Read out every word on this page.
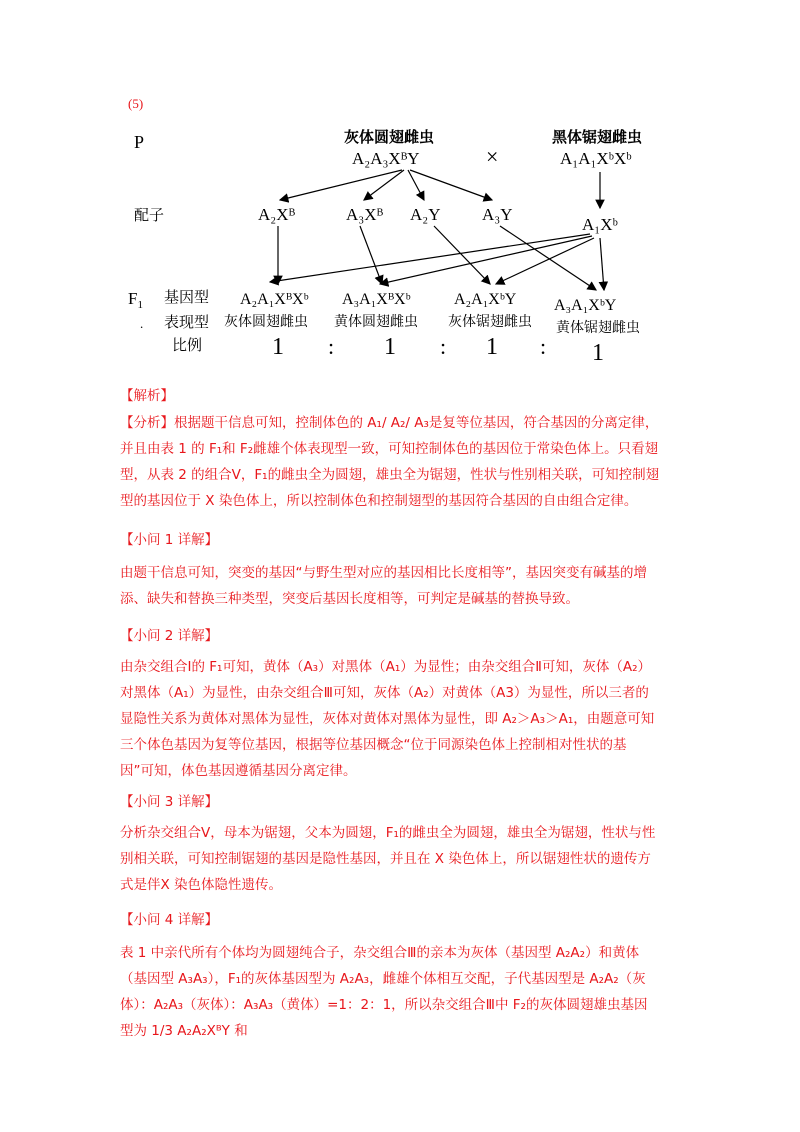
(5)
P
配子
$F_1$ 基因型
表现型
比例
.
灰体圆翅雌虫
A₂A₃XᴮY	×
黑体锯翅雌虫
A₁A₁XᵇXᵇ
A₂Xᴮ	A₃Xᴮ A₂Y A₃Y
A₁Xᵇ
A₂A₁XᴮXᵇ A₃A₁XᴮXᵇ	A₂A₁XᵇY A₃A₁XᵇY
灰体圆翅雌虫 黄体圆翅雌虫 灰体锯翅雌虫 黄体锯翅雌虫
1 : 1 : 1 : 1
【解析】
【分析】根据题干信息可知，控制体色的 A₁/ A₂/ A₃是复等位基因，符合基因的分离定律，并且由表 1 的 F₁和 F₂雌雄个体表现型一致，可知控制体色的基因位于常染色体上。只看翅型，从表 2 的组合Ⅴ，F₁的雌虫全为圆翅，雄虫全为锯翅，性状与性别相关联，可知控制翅型的基因位于 X 染色体上，所以控制体色和控制翅型的基因符合基因的自由组合定律。
【小问 1 详解】
由题干信息可知，突变的基因“与野生型对应的基因相比长度相等”，基因突变有碱基的增添、缺失和替换三种类型，突变后基因长度相等，可判定是碱基的替换导致。
【小问 2 详解】
由杂交组合Ⅰ的 F₁可知，黄体（A₃）对黑体（A₁）为显性；由杂交组合Ⅱ可知，灰体（A₂）对黑体（A₁）为显性，由杂交组合Ⅲ可知，灰体（A₂）对黄体（A3）为显性，所以三者的显隐性关系为黄体对黑体为显性，灰体对黄体对黑体为显性，即 A₂＞A₃＞A₁，由题意可知三个体色基因为复等位基因，根据等位基因概念“位于同源染色体上控制相对性状的基因”可知，体色基因遵循基因分离定律。
【小问 3 详解】
分析杂交组合Ⅴ，母本为锯翅，父本为圆翅，F₁的雌虫全为圆翅，雄虫全为锯翅，性状与性别相关联，可知控制锯翅的基因是隐性基因，并且在 X 染色体上，所以锯翅性状的遗传方式是伴X 染色体隐性遗传。
【小问 4 详解】
表 1 中亲代所有个体均为圆翅纯合子，杂交组合Ⅲ的亲本为灰体（基因型 A₂A₂）和黄体（基因型 A₃A₃），F₁的灰体基因型为 A₂A₃，雌雄个体相互交配，子代基因型是 A₂A₂（灰体）：A₂A₃（灰体）：A₃A₃（黄体）=1：2：1，所以杂交组合Ⅲ中 F₂的灰体圆翅雄虫基因型为 1/3 A₂A₂XᴮY 和
